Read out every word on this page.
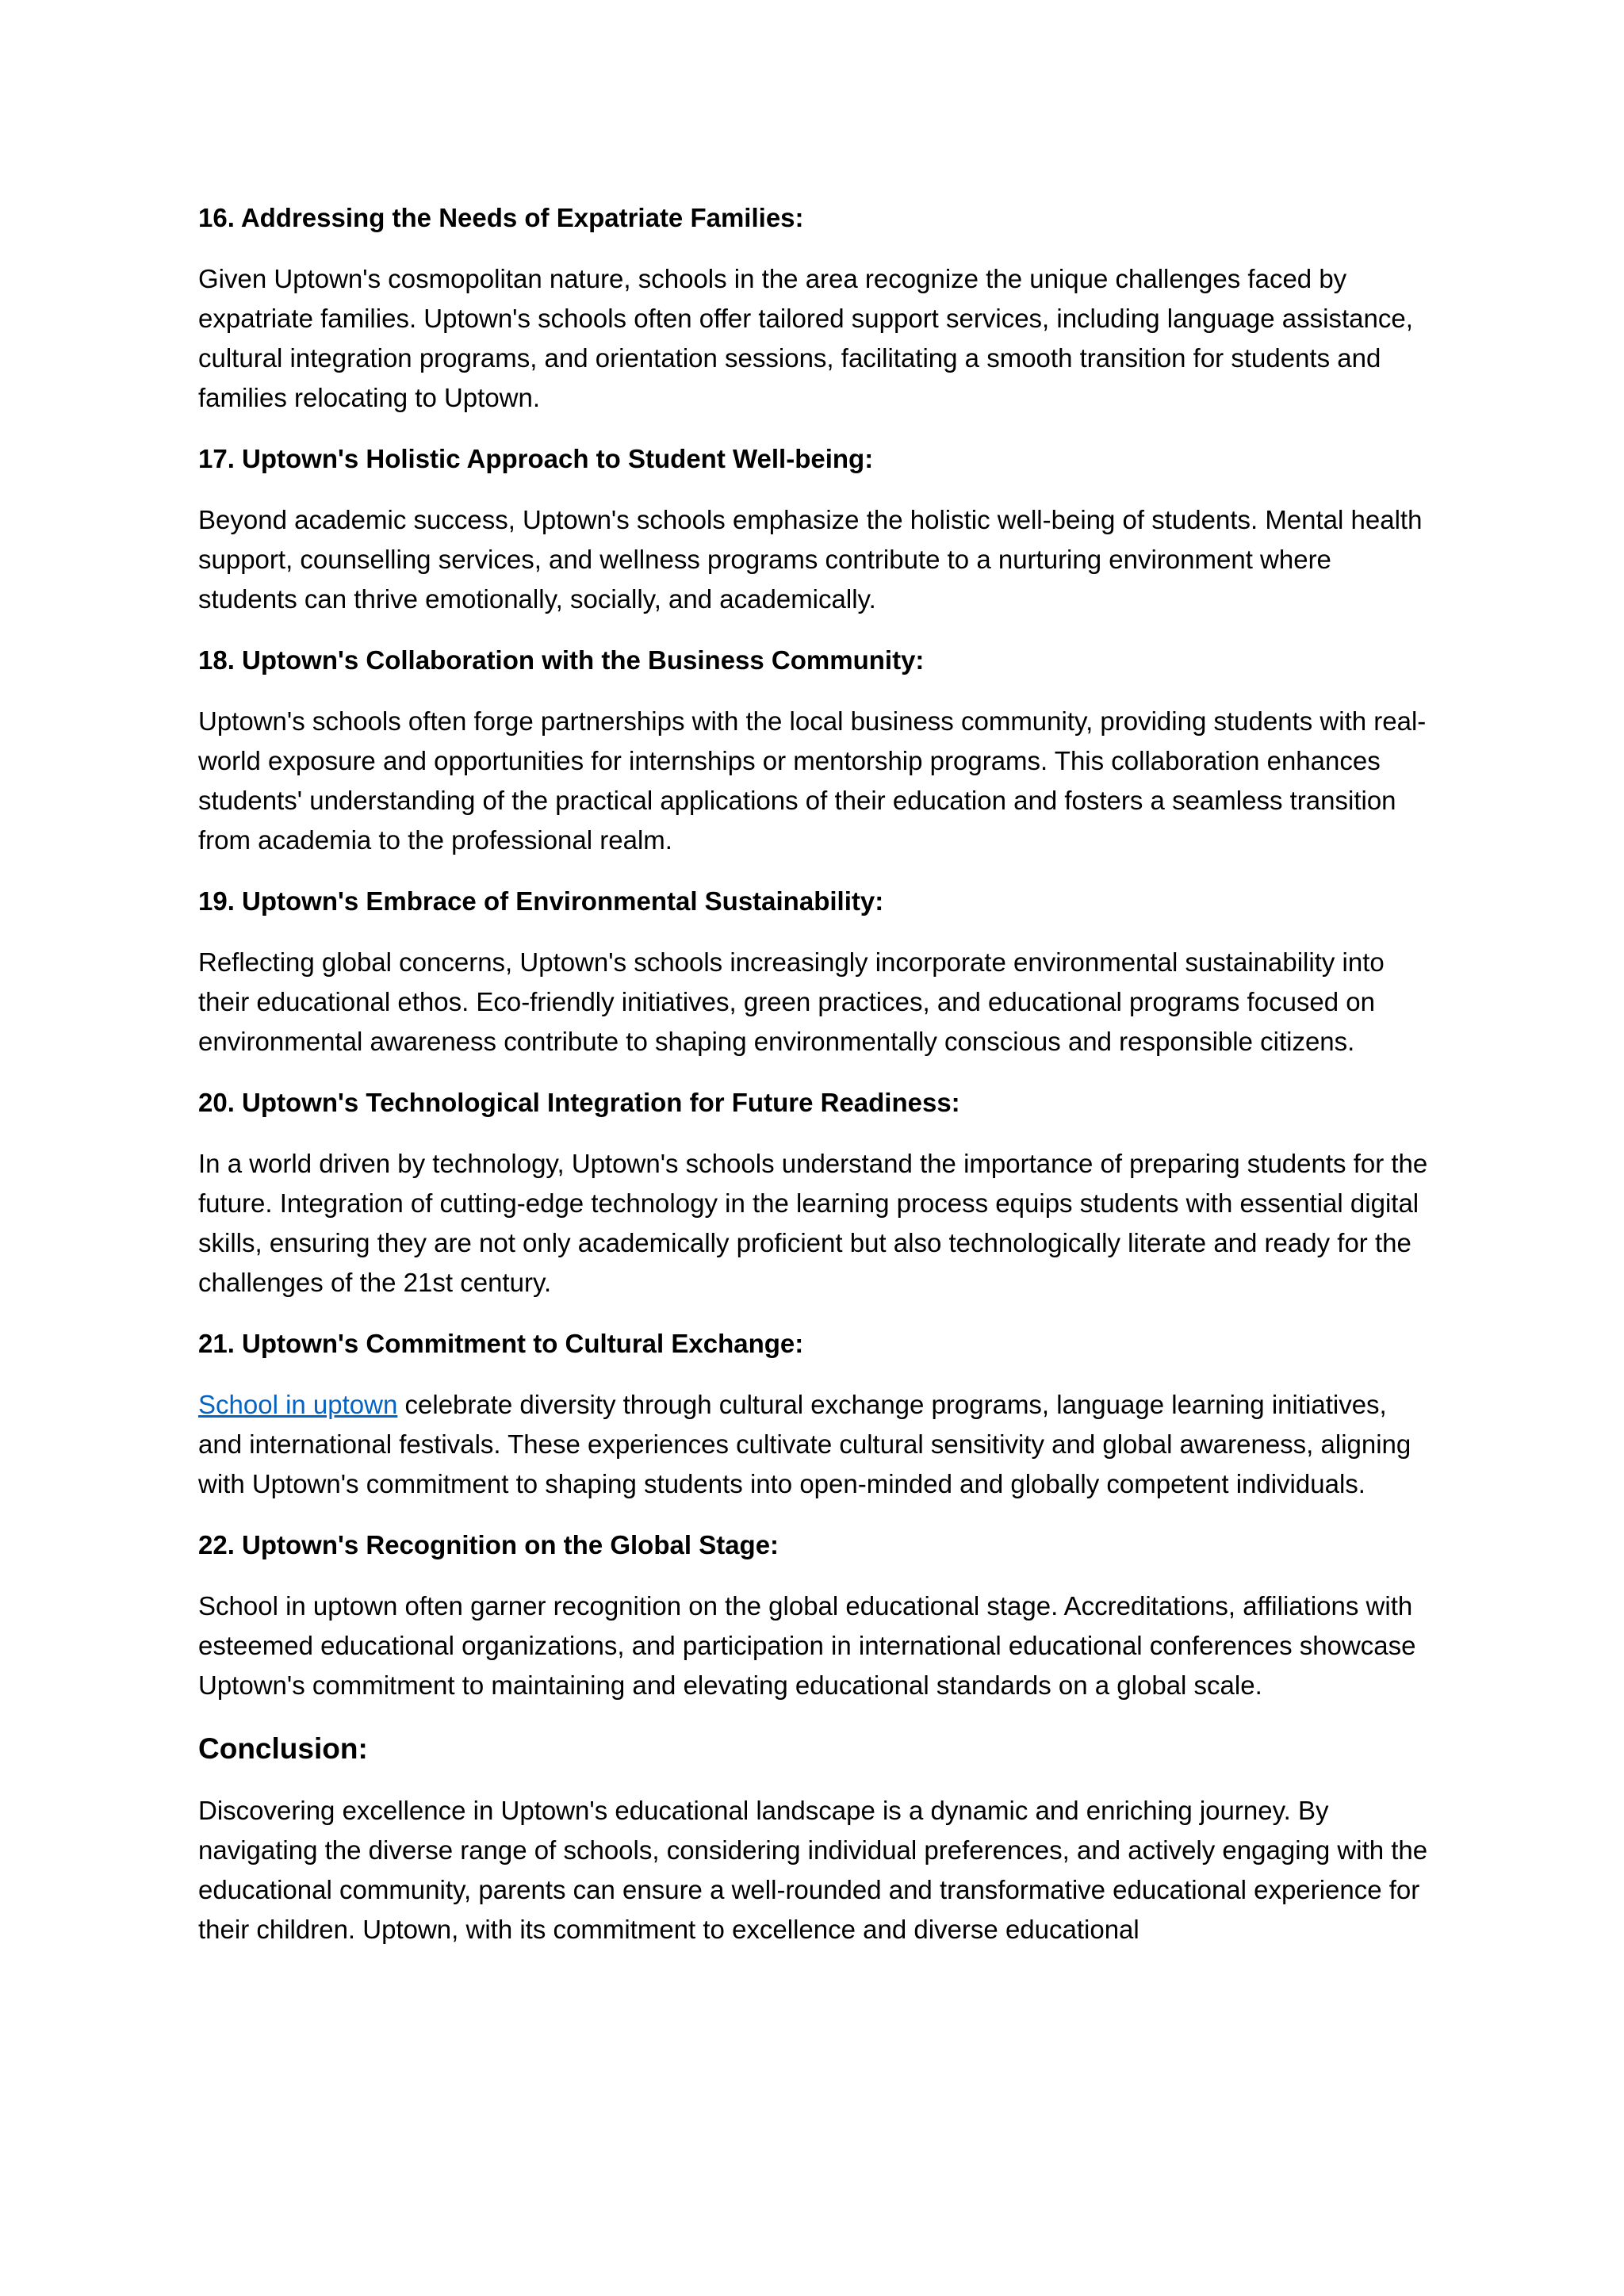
16. Addressing the Needs of Expatriate Families:
Given Uptown's cosmopolitan nature, schools in the area recognize the unique challenges faced by expatriate families. Uptown's schools often offer tailored support services, including language assistance, cultural integration programs, and orientation sessions, facilitating a smooth transition for students and families relocating to Uptown.
17. Uptown's Holistic Approach to Student Well-being:
Beyond academic success, Uptown's schools emphasize the holistic well-being of students. Mental health support, counselling services, and wellness programs contribute to a nurturing environment where students can thrive emotionally, socially, and academically.
18. Uptown's Collaboration with the Business Community:
Uptown's schools often forge partnerships with the local business community, providing students with real-world exposure and opportunities for internships or mentorship programs. This collaboration enhances students' understanding of the practical applications of their education and fosters a seamless transition from academia to the professional realm.
19. Uptown's Embrace of Environmental Sustainability:
Reflecting global concerns, Uptown's schools increasingly incorporate environmental sustainability into their educational ethos. Eco-friendly initiatives, green practices, and educational programs focused on environmental awareness contribute to shaping environmentally conscious and responsible citizens.
20. Uptown's Technological Integration for Future Readiness:
In a world driven by technology, Uptown's schools understand the importance of preparing students for the future. Integration of cutting-edge technology in the learning process equips students with essential digital skills, ensuring they are not only academically proficient but also technologically literate and ready for the challenges of the 21st century.
21. Uptown's Commitment to Cultural Exchange:
School in uptown celebrate diversity through cultural exchange programs, language learning initiatives, and international festivals. These experiences cultivate cultural sensitivity and global awareness, aligning with Uptown's commitment to shaping students into open-minded and globally competent individuals.
22. Uptown's Recognition on the Global Stage:
School in uptown often garner recognition on the global educational stage. Accreditations, affiliations with esteemed educational organizations, and participation in international educational conferences showcase Uptown's commitment to maintaining and elevating educational standards on a global scale.
Conclusion:
Discovering excellence in Uptown's educational landscape is a dynamic and enriching journey. By navigating the diverse range of schools, considering individual preferences, and actively engaging with the educational community, parents can ensure a well-rounded and transformative educational experience for their children. Uptown, with its commitment to excellence and diverse educational
